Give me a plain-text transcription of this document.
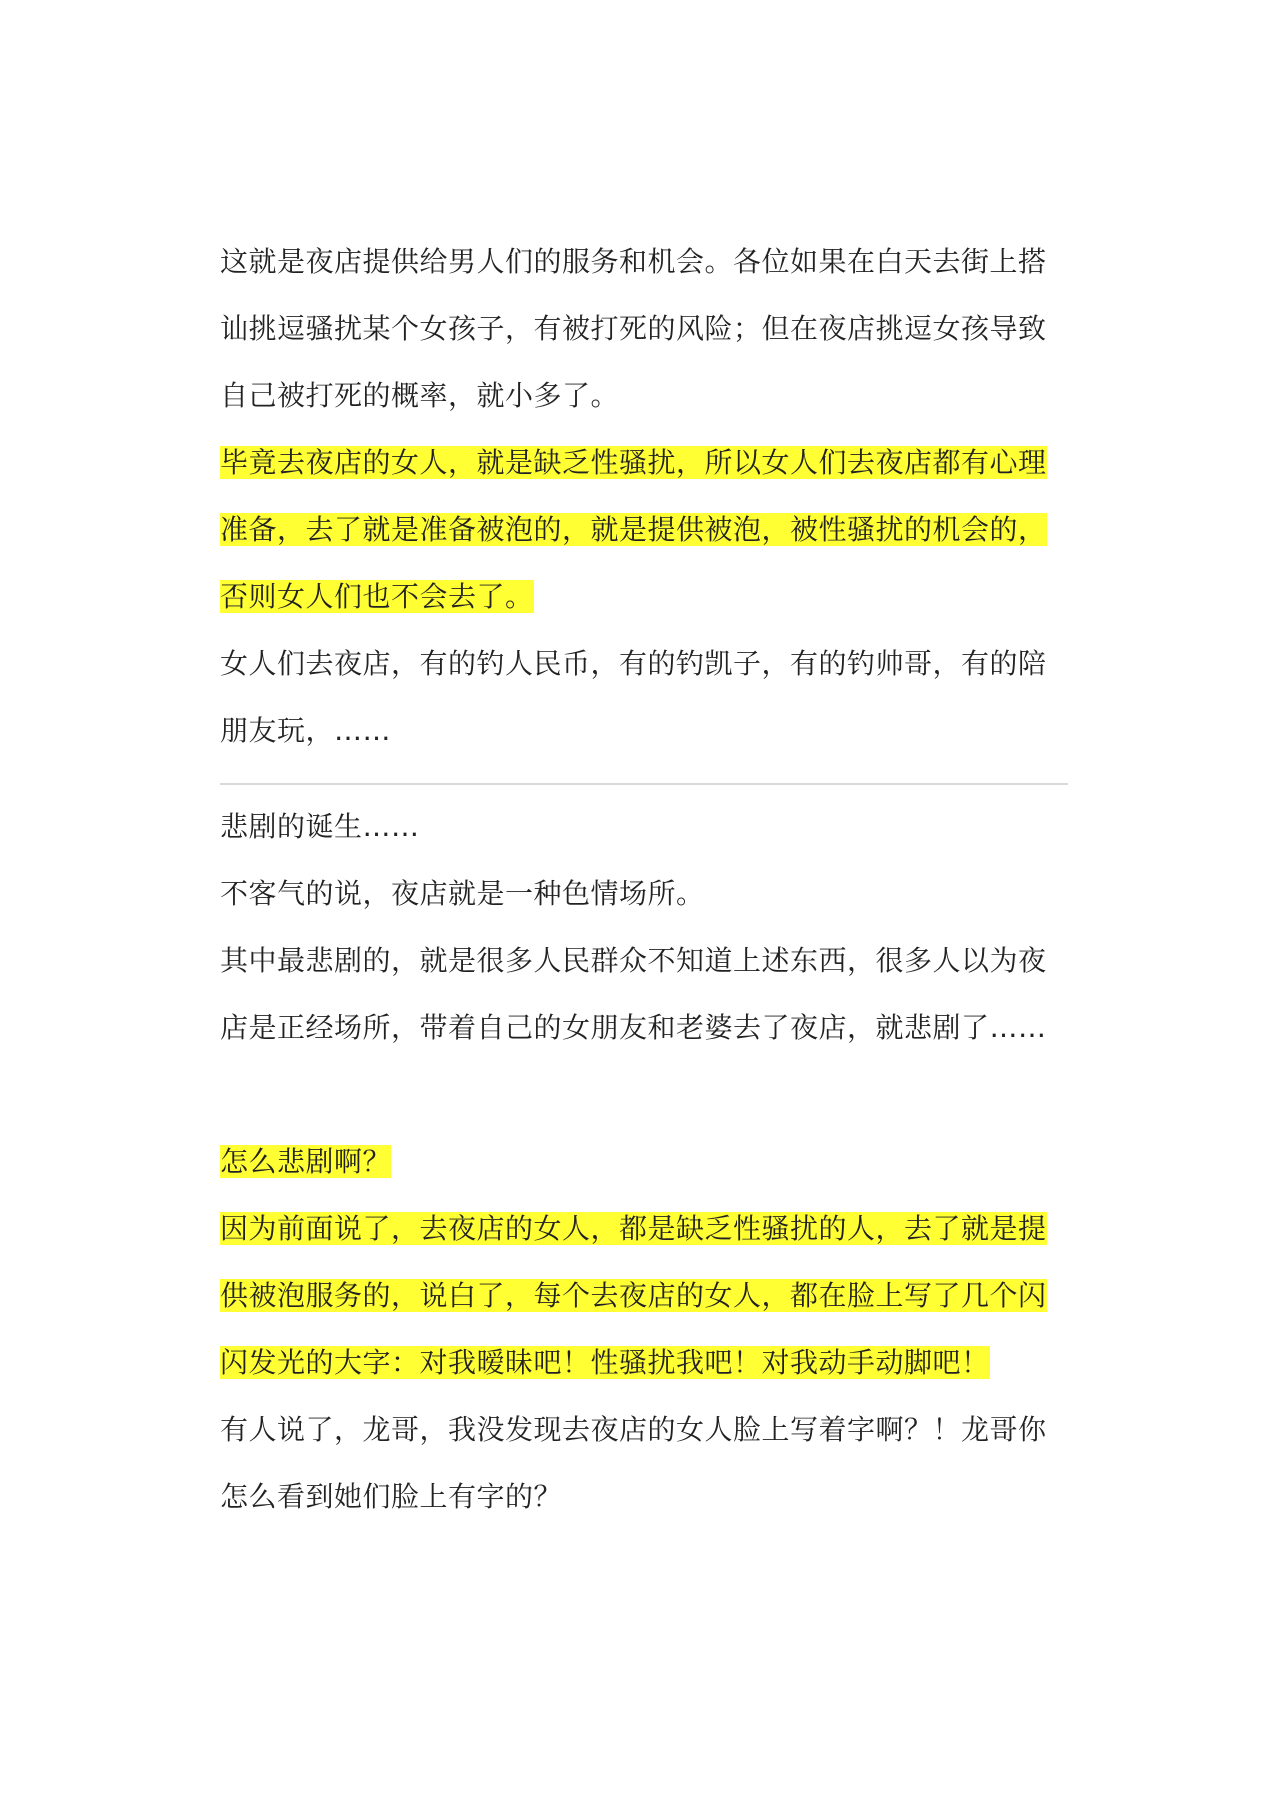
这就是夜店提供给男人们的服务和机会。各位如果在白天去街上搭讪挑逗骚扰某个女孩子，有被打死的风险；但在夜店挑逗女孩导致自己被打死的概率，就小多了。

毕竟去夜店的女人，就是缺乏性骚扰，所以女人们去夜店都有心理准备，去了就是准备被泡的，就是提供被泡，被性骚扰的机会的，否则女人们也不会去了。

女人们去夜店，有的钓人民币，有的钓凯子，有的钓帅哥，有的陪朋友玩，……

悲剧的诞生……

不客气的说，夜店就是一种色情场所。

其中最悲剧的，就是很多人民群众不知道上述东西，很多人以为夜店是正经场所，带着自己的女朋友和老婆去了夜店，就悲剧了……

怎么悲剧啊？

因为前面说了，去夜店的女人，都是缺乏性骚扰的人，去了就是提供被泡服务的，说白了，每个去夜店的女人，都在脸上写了几个闪闪发光的大字：对我暧昧吧！性骚扰我吧！对我动手动脚吧！

有人说了，龙哥，我没发现去夜店的女人脸上写着字啊？！龙哥你怎么看到她们脸上有字的？
